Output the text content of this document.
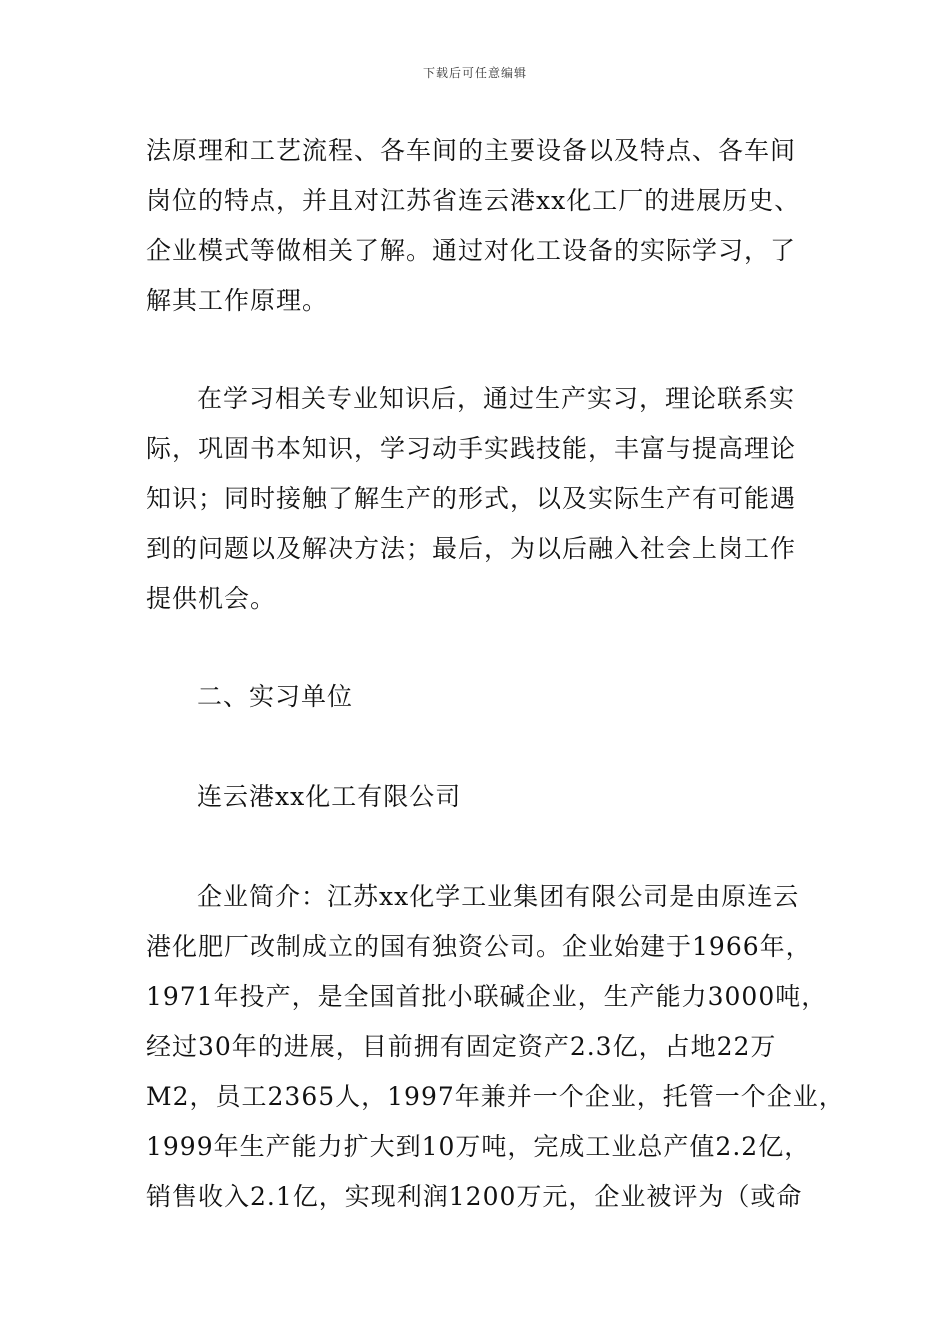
下载后可任意编辑
法原理和工艺流程、各车间的主要设备以及特点、各车间
岗位的特点，并且对江苏省连云港xx化工厂的进展历史、
企业模式等做相关了解。通过对化工设备的实际学习，了
解其工作原理。
在学习相关专业知识后，通过生产实习，理论联系实
际，巩固书本知识，学习动手实践技能，丰富与提高理论
知识；同时接触了解生产的形式，以及实际生产有可能遇
到的问题以及解决方法；最后，为以后融入社会上岗工作
提供机会。
二、实习单位
连云港xx化工有限公司
企业简介：江苏xx化学工业集团有限公司是由原连云
港化肥厂改制成立的国有独资公司。企业始建于1966年，
1971年投产，是全国首批小联碱企业，生产能力3000吨，
经过30年的进展，目前拥有固定资产2.3亿，占地22万
M2，员工2365人，1997年兼并一个企业，托管一个企业，
1999年生产能力扩大到10万吨，完成工业总产值2.2亿，
销售收入2.1亿，实现利润1200万元，企业被评为（或命
